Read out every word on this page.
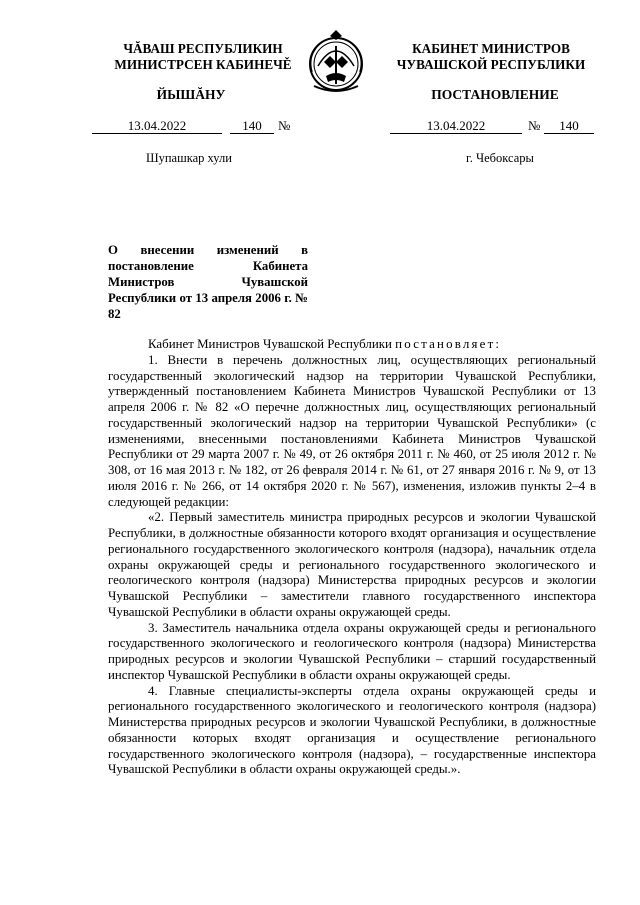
ЧĂВАШ РЕСПУБЛИКИН
МИНИСТРСЕН КАБИНЕЧĚ
КАБИНЕТ МИНИСТРОВ
ЧУВАШСКОЙ РЕСПУБЛИКИ
ЙЫШĂНУ	ПОСТАНОВЛЕНИЕ
13.04.2022	140	№	13.04.2022	№	140
Шупашкар хули	г. Чебоксары
О внесении изменений в постановление Кабинета Министров Чувашской Республики от 13 апреля 2006 г. № 82

Кабинет Министров Чувашской Республики постановляет:

1. Внести в перечень должностных лиц, осуществляющих региональный государственный экологический надзор на территории Чувашской Республики, утвержденный постановлением Кабинета Министров Чувашской Республики от 13 апреля 2006 г. № 82 «О перечне должностных лиц, осуществляющих региональный государственный экологический надзор на территории Чувашской Республики» (с изменениями, внесенными постановлениями Кабинета Министров Чувашской Республики от 29 марта 2007 г. № 49, от 26 октября 2011 г. № 460, от 25 июля 2012 г. № 308, от 16 мая 2013 г. № 182, от 26 февраля 2014 г. № 61, от 27 января 2016 г. № 9, от 13 июля 2016 г. № 266, от 14 октября 2020 г. № 567), изменения, изложив пункты 2–4 в следующей редакции:

«2. Первый заместитель министра природных ресурсов и экологии Чувашской Республики, в должностные обязанности которого входят организация и осуществление регионального государственного экологического контроля (надзора), начальник отдела охраны окружающей среды и регионального государственного экологического и геологического контроля (надзора) Министерства природных ресурсов и экологии Чувашской Республики – заместители главного государственного инспектора Чувашской Республики в области охраны окружающей среды.

3. Заместитель начальника отдела охраны окружающей среды и регионального государственного экологического и геологического контроля (надзора) Министерства природных ресурсов и экологии Чувашской Республики – старший государственный инспектор Чувашской Республики в области охраны окружающей среды.

4. Главные специалисты-эксперты отдела охраны окружающей среды и регионального государственного экологического и геологического контроля (надзора) Министерства природных ресурсов и экологии Чувашской Республики, в должностные обязанности которых входят организация и осуществление регионального государственного экологического контроля (надзора), – государственные инспектора Чувашской Республики в области охраны окружающей среды.».
